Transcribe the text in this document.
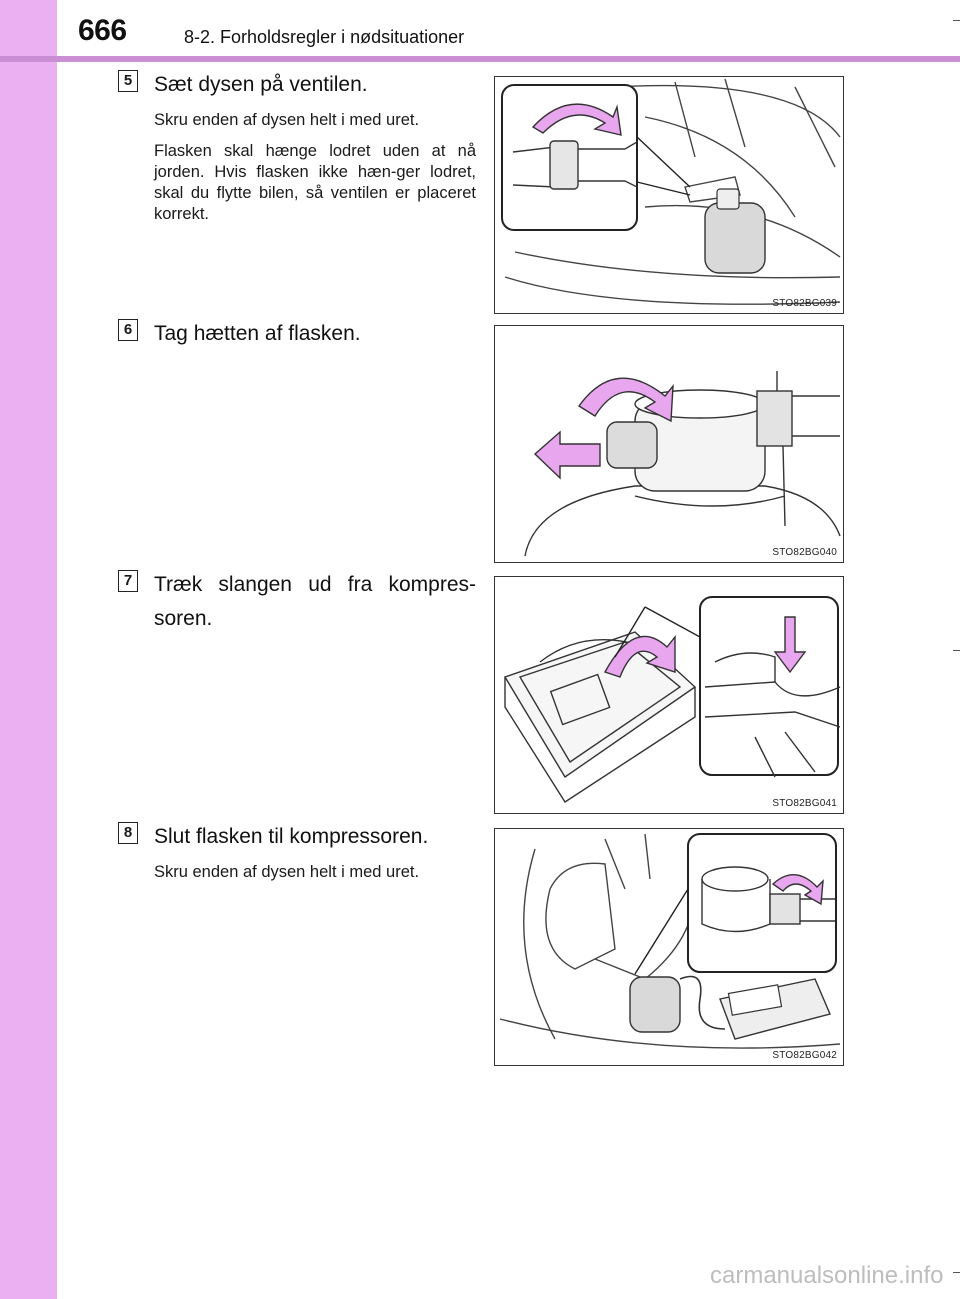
666	8-2. Forholdsregler i nødsituationer
5 Sæt dysen på ventilen.

Skru enden af dysen helt i med uret.

Flasken skal hænge lodret uden at nå jorden. Hvis flasken ikke hæn-ger lodret, skal du flytte bilen, så ventilen er placeret korrekt.

STO82BG039
6 Tag hætten af flasken.
STO82BG040
7 Træk slangen ud fra kompres-
soren.
STO82BG041
8 Slut flasken til kompressoren.

Skru enden af dysen helt i med uret.

STO82BG042
carmanualsonline.info
